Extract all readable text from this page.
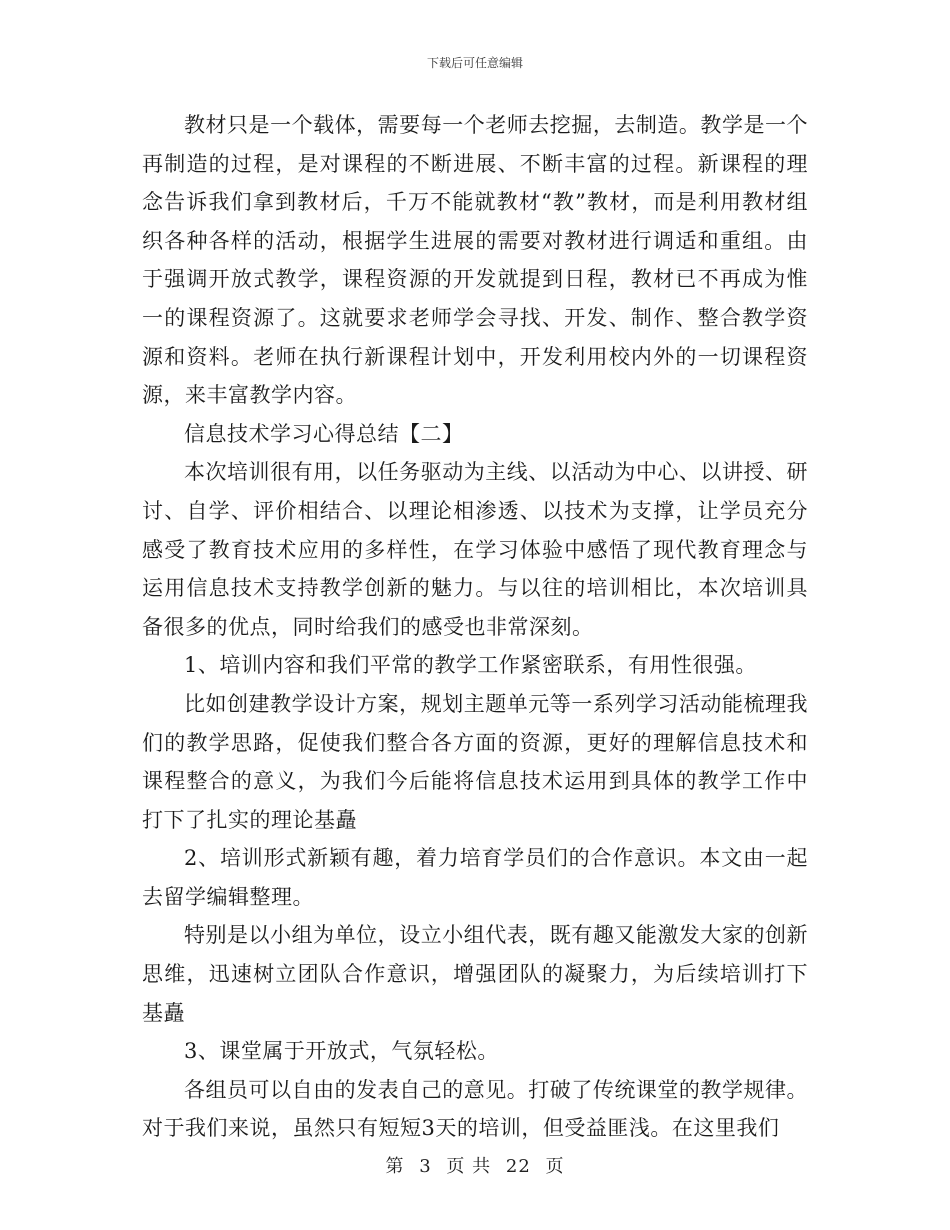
下载后可任意编辑

教材只是一个载体，需要每一个老师去挖掘，去制造。教学是一个再制造的过程，是对课程的不断进展、不断丰富的过程。新课程的理念告诉我们拿到教材后，千万不能就教材“教”教材，而是利用教材组织各种各样的活动，根据学生进展的需要对教材进行调适和重组。由于强调开放式教学，课程资源的开发就提到日程，教材已不再成为惟一的课程资源了。这就要求老师学会寻找、开发、制作、整合教学资源和资料。老师在执行新课程计划中，开发利用校内外的一切课程资源，来丰富教学内容。

信息技术学习心得总结【二】

本次培训很有用，以任务驱动为主线、以活动为中心、以讲授、研讨、自学、评价相结合、以理论相渗透、以技术为支撑，让学员充分感受了教育技术应用的多样性，在学习体验中感悟了现代教育理念与运用信息技术支持教学创新的魅力。与以往的培训相比，本次培训具备很多的优点，同时给我们的感受也非常深刻。

1、培训内容和我们平常的教学工作紧密联系，有用性很强。

比如创建教学设计方案，规划主题单元等一系列学习活动能梳理我们的教学思路，促使我们整合各方面的资源，更好的理解信息技术和课程整合的意义，为我们今后能将信息技术运用到具体的教学工作中打下了扎实的理论基矗

2、培训形式新颖有趣，着力培育学员们的合作意识。本文由一起去留学编辑整理。

特别是以小组为单位，设立小组代表，既有趣又能激发大家的创新思维，迅速树立团队合作意识，增强团队的凝聚力，为后续培训打下基矗

3、课堂属于开放式，气氛轻松。

各组员可以自由的发表自己的意见。打破了传统课堂的教学规律。对于我们来说，虽然只有短短3天的培训，但受益匪浅。在这里我们

第 3 页 共 22 页
